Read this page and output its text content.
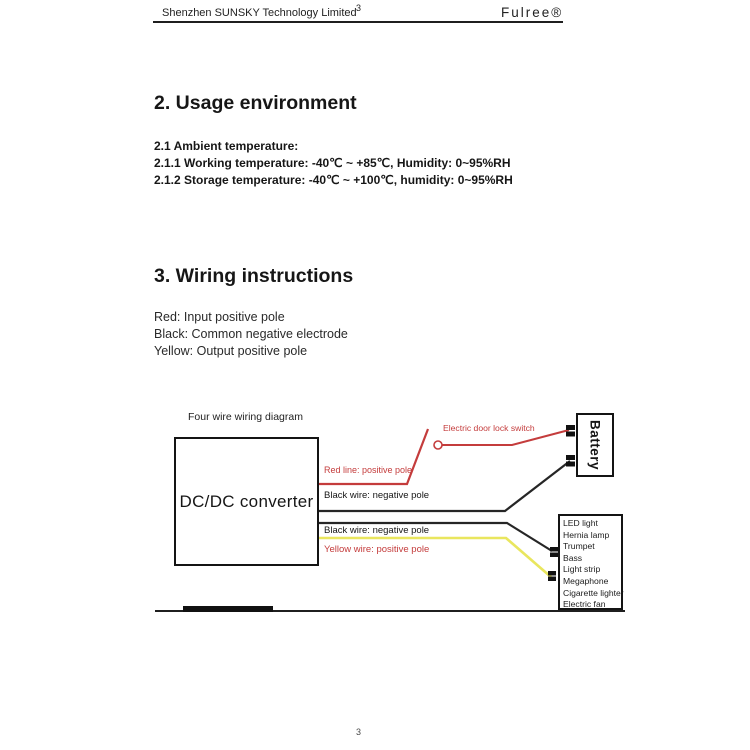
Shenzhen SUNSKY Technology Limited 3	Fulree®
2. Usage environment
2.1 Ambient temperature:
2.1.1 Working temperature: -40℃ ~ +85℃, Humidity: 0~95%RH
2.1.2 Storage temperature: -40℃ ~ +100℃, humidity: 0~95%RH
3. Wiring instructions
Red: Input positive pole
Black: Common negative electrode
Yellow: Output positive pole
Four wire wiring diagram
DC/DC converter
Battery
LED light
Hernia lamp
Trumpet
Bass
Light strip
Megaphone
Cigarette lighter
Electric fan
Red line: positive pole
Black wire: negative pole
Black wire: negative pole
Yellow wire: positive pole
Electric door lock switch
3
